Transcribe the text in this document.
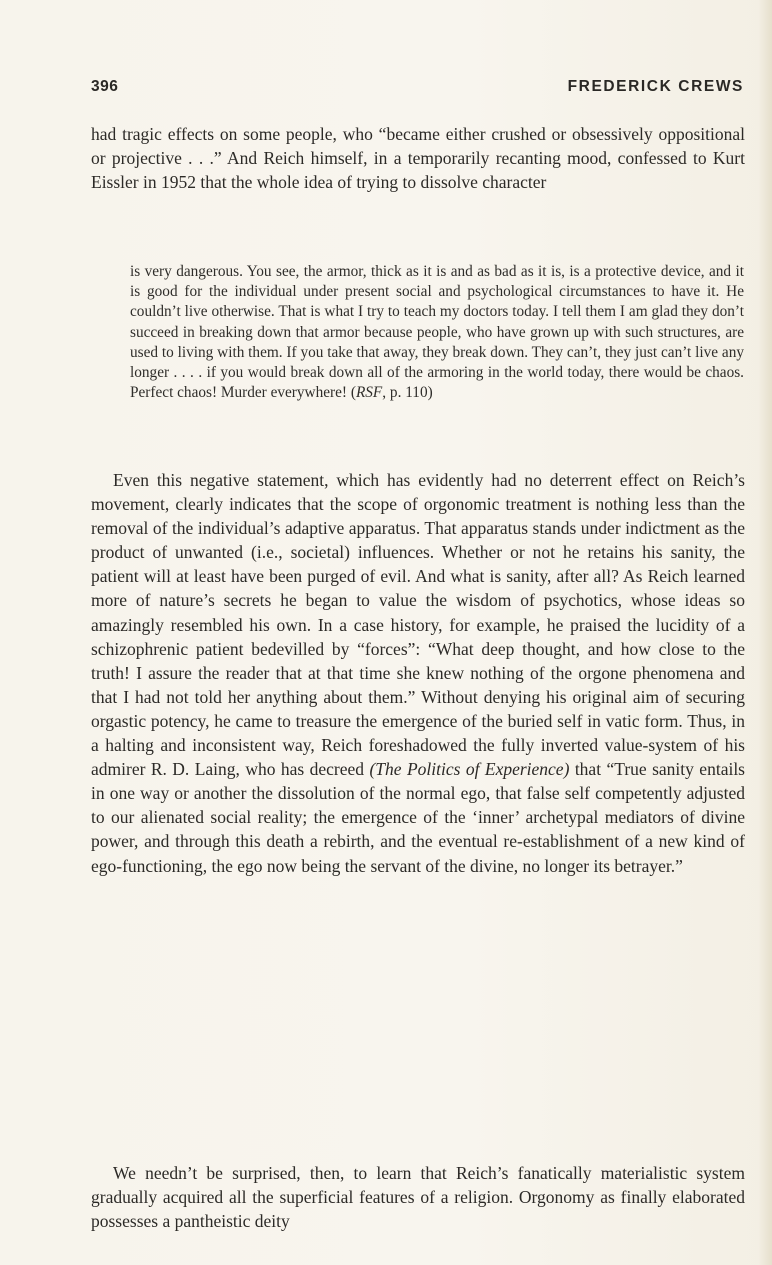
396	FREDERICK CREWS

had tragic effects on some people, who “became either crushed or obsessively oppositional or projective . . .” And Reich himself, in a temporarily recanting mood, confessed to Kurt Eissler in 1952 that the whole idea of trying to dissolve character

is very dangerous. You see, the armor, thick as it is and as bad as it is, is a protective device, and it is good for the individual under present social and psychological circumstances to have it. He couldn’t live otherwise. That is what I try to teach my doctors today. I tell them I am glad they don’t succeed in breaking down that armor because people, who have grown up with such structures, are used to living with them. If you take that away, they break down. They can’t, they just can’t live any longer . . . . if you would break down all of the armoring in the world today, there would be chaos. Perfect chaos! Murder everywhere! (RSF, p. 110)

Even this negative statement, which has evidently had no deterrent effect on Reich’s movement, clearly indicates that the scope of orgonomic treatment is nothing less than the removal of the individual’s adaptive apparatus. That apparatus stands under indictment as the product of unwanted (i.e., societal) influences. Whether or not he retains his sanity, the patient will at least have been purged of evil. And what is sanity, after all? As Reich learned more of nature’s secrets he began to value the wisdom of psychotics, whose ideas so amazingly resembled his own. In a case history, for example, he praised the lucidity of a schizophrenic patient bedevilled by “forces”: “What deep thought, and how close to the truth! I assure the reader that at that time she knew nothing of the orgone phenomena and that I had not told her anything about them.” Without denying his original aim of securing orgastic potency, he came to treasure the emergence of the buried self in vatic form. Thus, in a halting and inconsistent way, Reich foreshadowed the fully inverted value-system of his admirer R. D. Laing, who has decreed (The Politics of Experience) that “True sanity entails in one way or another the dissolution of the normal ego, that false self competently adjusted to our alienated social reality; the emergence of the ‘inner’ archetypal mediators of divine power, and through this death a rebirth, and the eventual re-establishment of a new kind of ego-functioning, the ego now being the servant of the divine, no longer its betrayer.”

We needn’t be surprised, then, to learn that Reich’s fanatically materialistic system gradually acquired all the superficial features of a religion. Orgonomy as finally elaborated possesses a pantheistic deity
